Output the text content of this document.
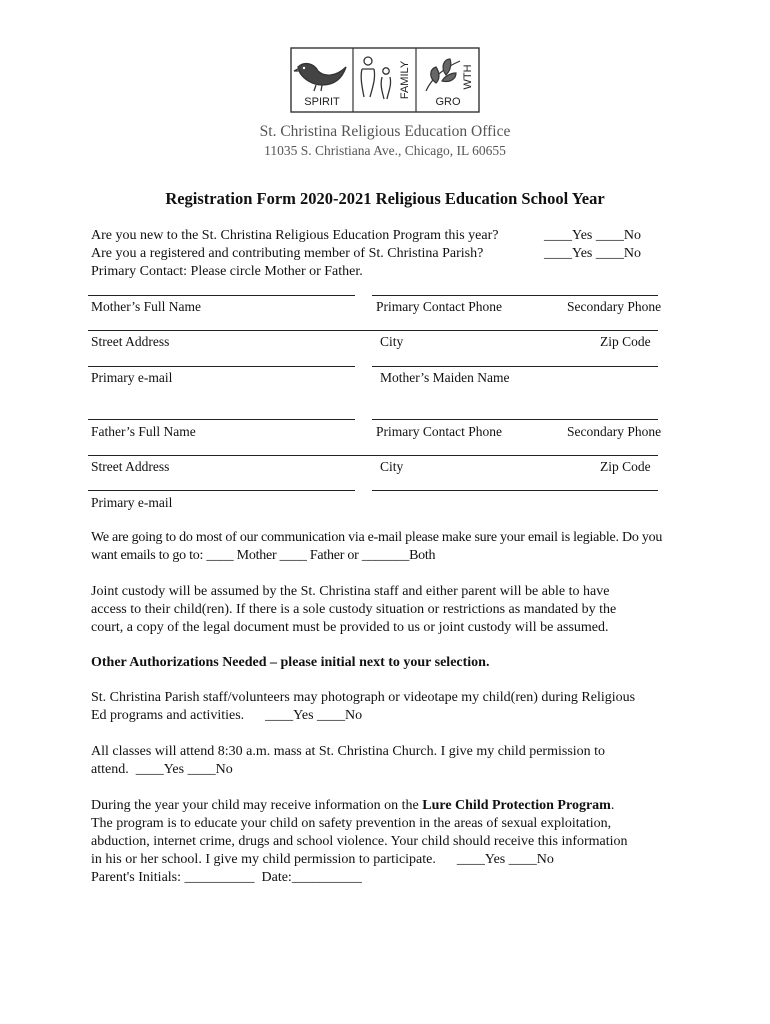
SPIRIT
FAMILY
GRO
WTH
St. Christina Religious Education Office
11035 S. Christiana Ave., Chicago, IL 60655
Registration Form 2020-2021 Religious Education School Year
Are you new to the St. Christina Religious Education Program this year?	____Yes ____No
Are you a registered and contributing member of St. Christina Parish?	____Yes ____No
Primary Contact: Please circle Mother or Father.
Mother’s Full Name	Primary Contact Phone	Secondary Phone
Street Address	City	Zip Code
Primary e-mail	Mother’s Maiden Name
Father’s Full Name	Primary Contact Phone	Secondary Phone
Street Address	City	Zip Code
Primary e-mail
We are going to do most of our communication via e-mail please make sure your email is legiable. Do you
want emails to go to: ____ Mother ____ Father or _______Both
Joint custody will be assumed by the St. Christina staff and either parent will be able to have
access to their child(ren). If there is a sole custody situation or restrictions as mandated by the
court, a copy of the legal document must be provided to us or joint custody will be assumed.
Other Authorizations Needed – please initial next to your selection.
St. Christina Parish staff/volunteers may photograph or videotape my child(ren) during Religious
Ed programs and activities.      ____Yes ____No
All classes will attend 8:30 a.m. mass at St. Christina Church. I give my child permission to
attend.  ____Yes ____No
During the year your child may receive information on the Lure Child Protection Program.
The program is to educate your child on safety prevention in the areas of sexual exploitation,
abduction, internet crime, drugs and school violence. Your child should receive this information
in his or her school. I give my child permission to participate.      ____Yes ____No
Parent's Initials: __________  Date:__________
